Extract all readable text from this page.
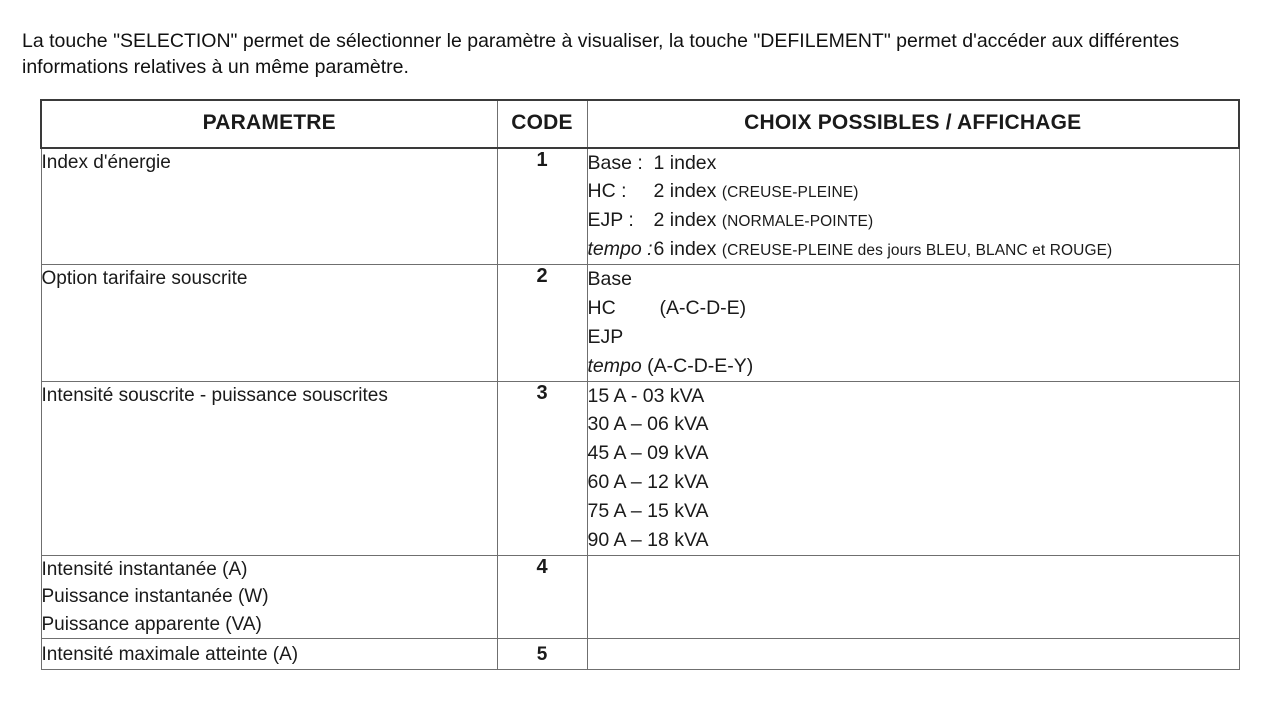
La touche "SELECTION" permet de sélectionner le paramètre à visualiser, la touche "DEFILEMENT" permet d'accéder aux différentes informations relatives à un même paramètre.

PARAMETRE	CODE	CHOIX POSSIBLES / AFFICHAGE
Index d'énergie	1	Base : 1 index
HC : 2 index (CREUSE-PLEINE)
EJP : 2 index (NORMALE-POINTE)
tempo :6 index (CREUSE-PLEINE des jours BLEU, BLANC et ROUGE)

Option tarifaire souscrite	2	Base
HC (A-C-D-E)
EJP
tempo (A-C-D-E-Y)

Intensité souscrite - puissance souscrites	3	15 A - 03 kVA
30 A – 06 kVA
45 A – 09 kVA
60 A – 12 kVA
75 A – 15 kVA
90 A – 18 kVA

Intensité instantanée (A)
Puissance instantanée (W)
Puissance apparente (VA)	4	
Intensité maximale atteinte (A)	5	
